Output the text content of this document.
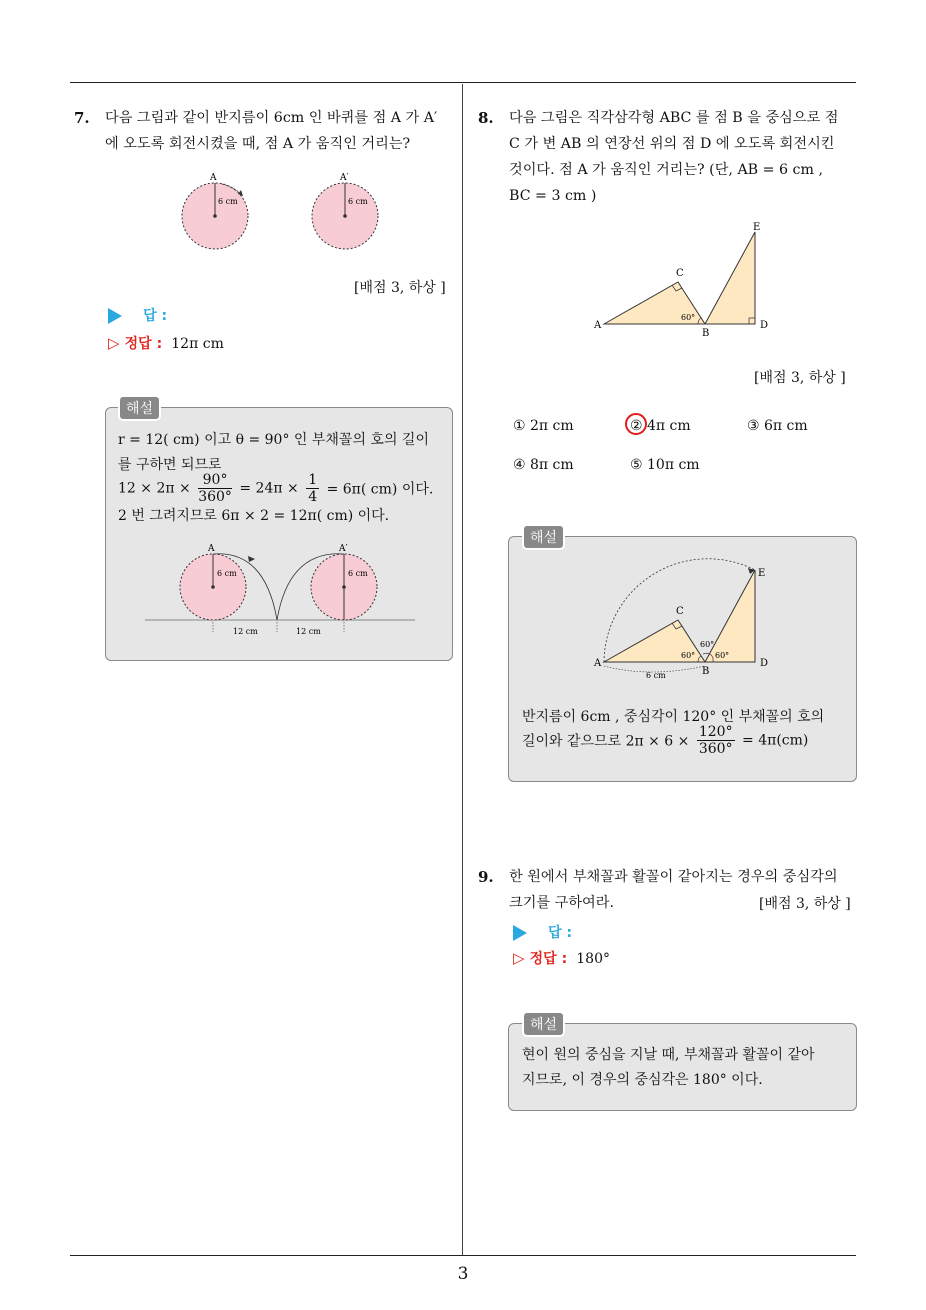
3
7. 다음 그림과 같이 반지름이 6cm 인 바퀴를 점 A 가 A′
에 오도록 회전시켰을 때, 점 A 가 움직인 거리는?
A
6 cm
A′
6 cm
[배점 3, 하상 ]
답 :
▷ 정답 : 12π cm
해설
r = 12( cm) 이고 θ = 90° 인 부채꼴의 호의 길이
를 구하면 되므로
$12 \times 2\pi \times \frac{90^\circ}{360^\circ} = 24\pi \times \frac{1}{4} = 6\pi$( cm) 이다.
2 번 그려지므로 6π × 2 = 12π( cm) 이다.
A	A′
6 cm	6 cm
12 cm	12 cm
8. 다음 그림은 직각삼각형 ABC 를 점 B 을 중심으로 점
C 가 변 AB 의 연장선 위의 점 D 에 오도록 회전시킨
것이다. 점 A 가 움직인 거리는? (단, AB = 6 cm ,
BC = 3 cm )
A
B
C
D
E
60°
[배점 3, 하상 ]
① 2π cm	② 4π cm	③ 6π cm
④ 8π cm	⑤ 10π cm
해설
A
B
C
D
E
60°
60°
60°
6 cm
반지름이 6cm , 중심각이 120° 인 부채꼴의 호의
길이와 같으므로 $2\pi \times 6 \times \frac{120^\circ}{360^\circ} = 4\pi(cm)$
9. 한 원에서 부채꼴과 활꼴이 같아지는 경우의 중심각의
크기를 구하여라.	[배점 3, 하상 ]
답 :
▷ 정답 : 180°
해설
현이 원의 중심을 지날 때, 부채꼴과 활꼴이 같아
지므로, 이 경우의 중심각은 180° 이다.
